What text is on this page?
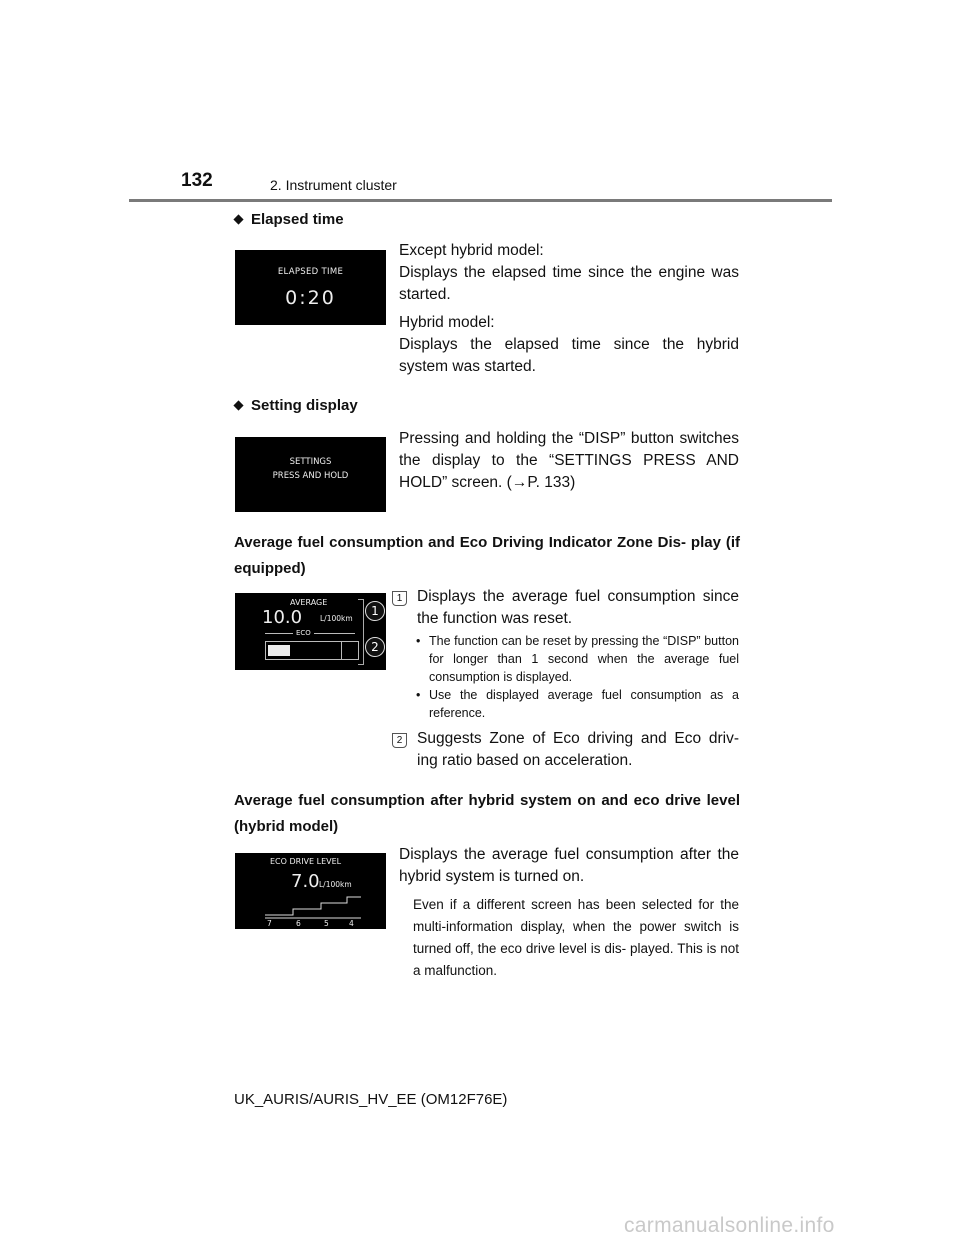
132	2. Instrument cluster
Elapsed time
ELAPSED TIME
0:20

Except hybrid model:
Displays the elapsed time since the engine was started.

Hybrid model:
Displays the elapsed time since the hybrid system was started.

Setting display
SETTINGS
PRESS AND HOLD

Pressing and holding the “DISP” button switches the display to the “SETTINGS PRESS AND HOLD” screen. (→P. 133)

Average fuel consumption and Eco Driving Indicator Zone Dis- play (if equipped)
AVERAGE
10.0 L/100km
ECO
1
2
1 Displays the average fuel consumption since the function was reset.

• The function can be reset by pressing the “DISP” button for longer than 1 second when the average fuel consumption is displayed.
• Use the displayed average fuel consumption as a reference.
2 Suggests Zone of Eco driving and Eco driv- ing ratio based on acceleration.

Average fuel consumption after hybrid system on and eco drive level (hybrid model)
ECO DRIVE LEVEL
7.0 L/100km
7	6	5	4

Displays the average fuel consumption after the hybrid system is turned on.

Even if a different screen has been selected for the multi-information display, when the power switch is turned off, the eco drive level is dis- played. This is not a malfunction.
UK_AURIS/AURIS_HV_EE (OM12F76E)
carmanualsonline.info
